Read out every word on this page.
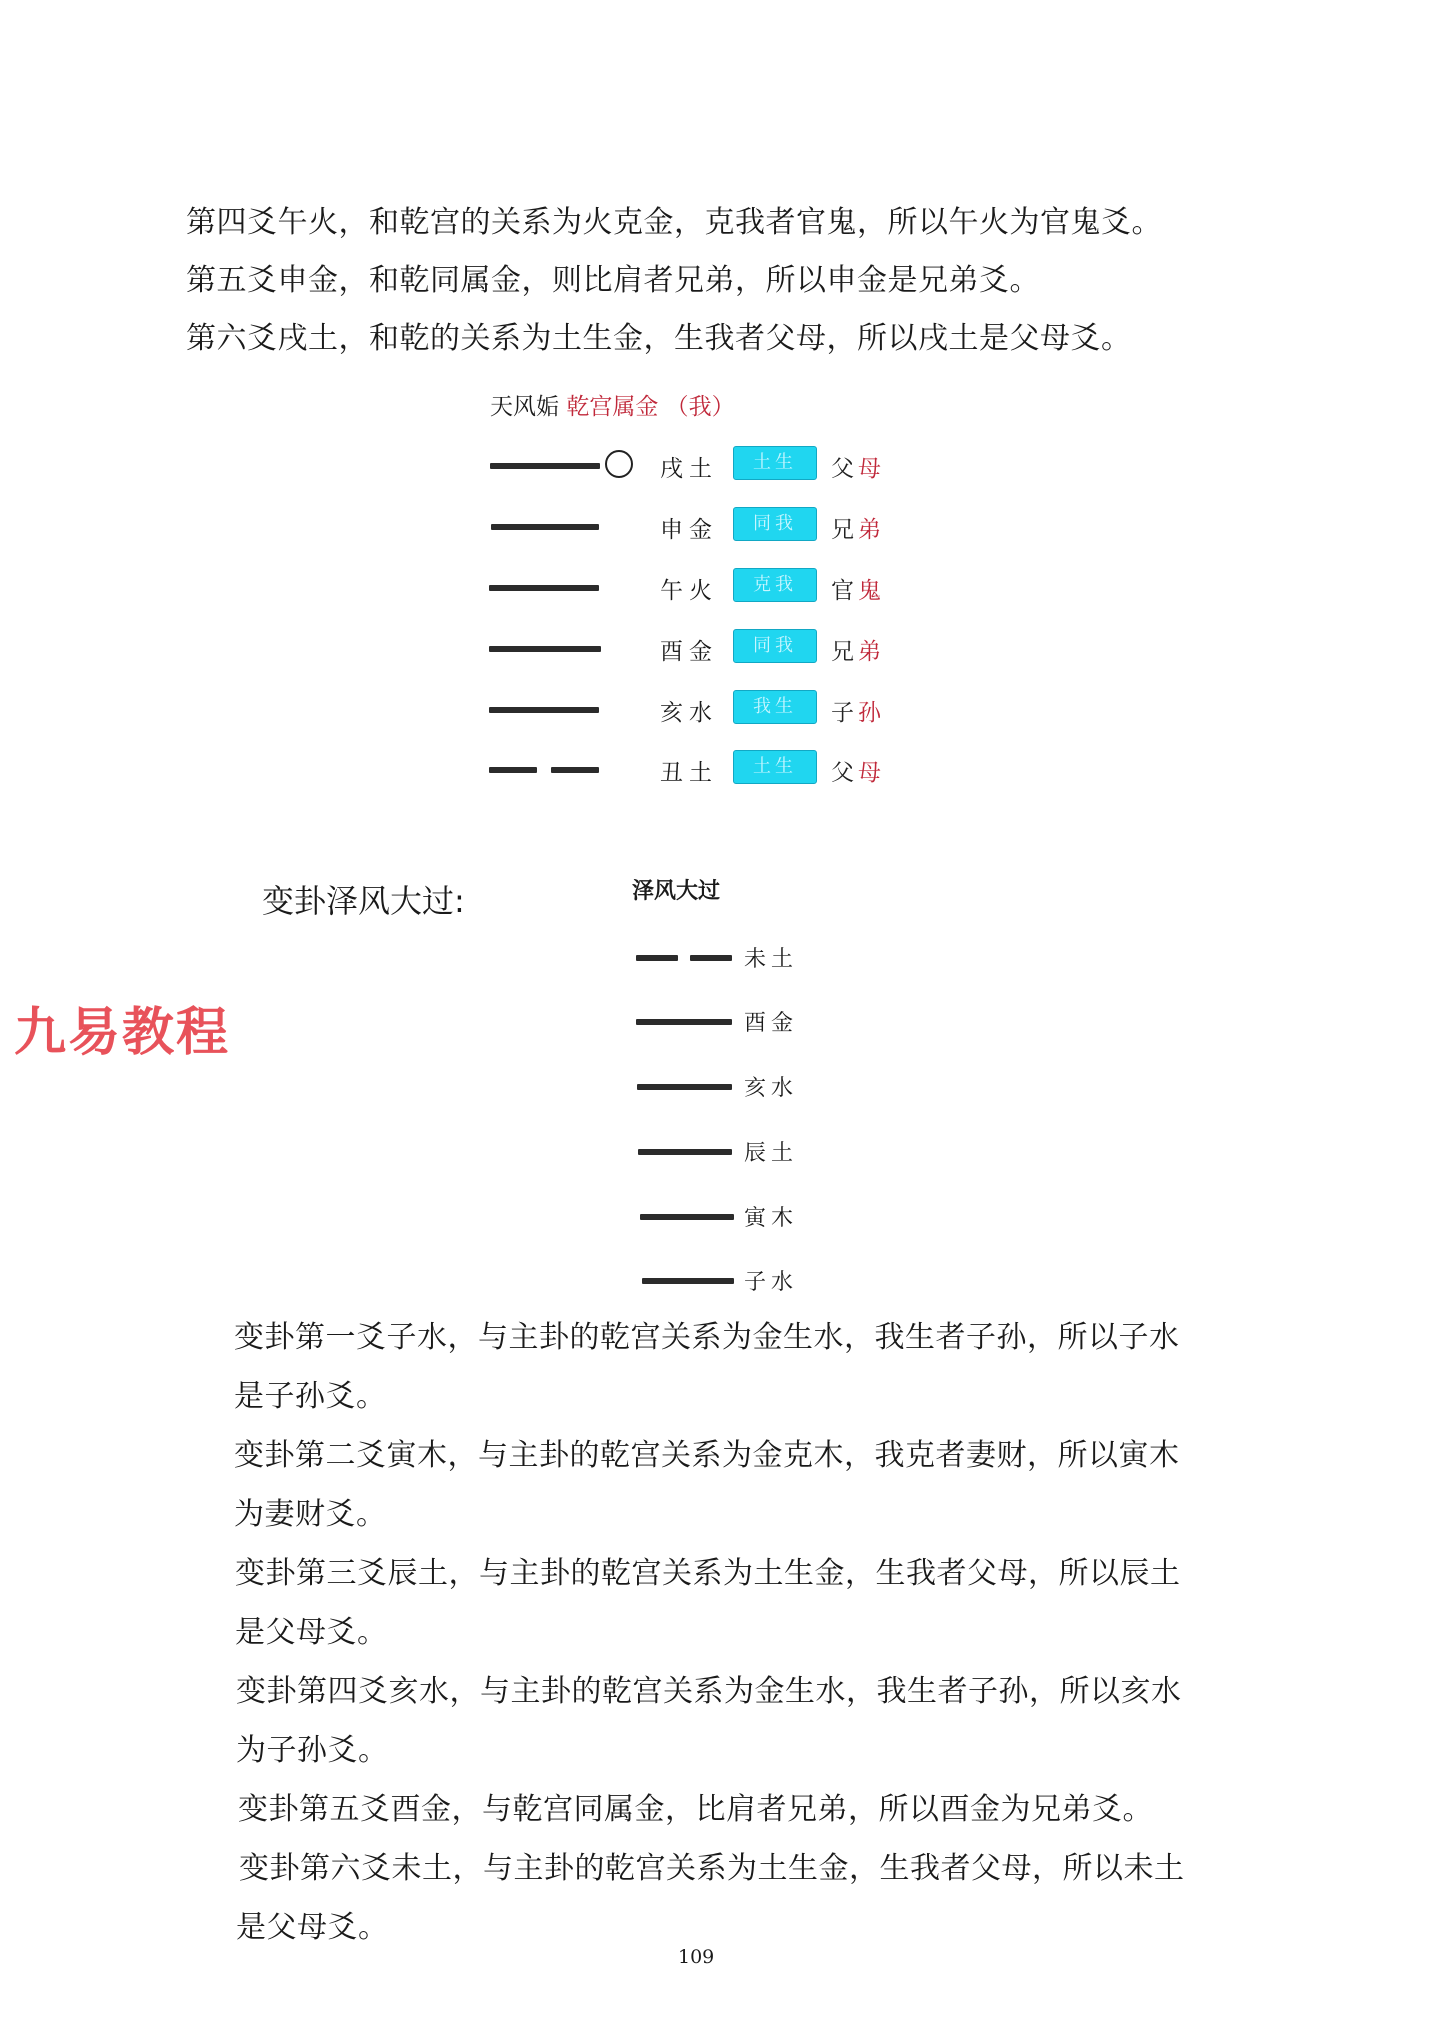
第四爻午火，和乾宫的关系为火克金，克我者官鬼，所以午火为官鬼爻。
第五爻申金，和乾同属金，则比肩者兄弟，所以申金是兄弟爻。
第六爻戌土，和乾的关系为土生金，生我者父母，所以戌土是父母爻。
天风姤 乾宫属金 （我）
戌土	土生	父母
申金	同我	兄弟
午火	克我	官鬼
酉金	同我	兄弟
亥水	我生	子孙
丑土	土生	父母
变卦泽风大过:	泽风大过
未土
酉金
亥水
辰土
寅木
子水
九易教程
变卦第一爻子水，与主卦的乾宫关系为金生水，我生者子孙，所以子水
是子孙爻。
变卦第二爻寅木，与主卦的乾宫关系为金克木，我克者妻财，所以寅木
为妻财爻。
变卦第三爻辰土，与主卦的乾宫关系为土生金，生我者父母，所以辰土
是父母爻。
变卦第四爻亥水，与主卦的乾宫关系为金生水，我生者子孙，所以亥水
为子孙爻。
变卦第五爻酉金，与乾宫同属金，比肩者兄弟，所以酉金为兄弟爻。
变卦第六爻未土，与主卦的乾宫关系为土生金，生我者父母，所以未土
是父母爻。
109
